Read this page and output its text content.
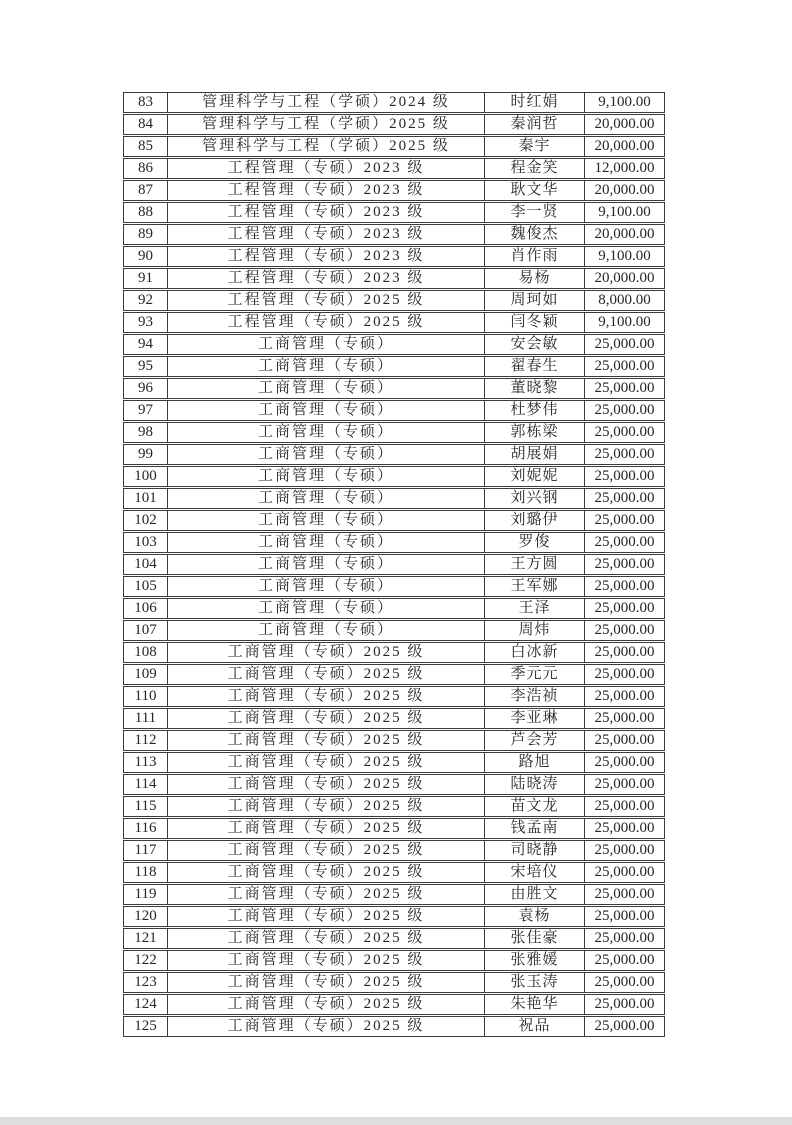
83	管理科学与工程（学硕）2024 级	时红娟	9,100.00
84	管理科学与工程（学硕）2025 级	秦润哲	20,000.00
85	管理科学与工程（学硕）2025 级	秦宇	20,000.00
86	工程管理（专硕）2023 级	程金笑	12,000.00
87	工程管理（专硕）2023 级	耿文华	20,000.00
88	工程管理（专硕）2023 级	李一贤	9,100.00
89	工程管理（专硕）2023 级	魏俊杰	20,000.00
90	工程管理（专硕）2023 级	肖作雨	9,100.00
91	工程管理（专硕）2023 级	易杨	20,000.00
92	工程管理（专硕）2025 级	周珂如	8,000.00
93	工程管理（专硕）2025 级	闫冬颖	9,100.00
94	工商管理（专硕）	安会敏	25,000.00
95	工商管理（专硕）	翟春生	25,000.00
96	工商管理（专硕）	董晓黎	25,000.00
97	工商管理（专硕）	杜梦伟	25,000.00
98	工商管理（专硕）	郭栋梁	25,000.00
99	工商管理（专硕）	胡展娟	25,000.00
100	工商管理（专硕）	刘妮妮	25,000.00
101	工商管理（专硕）	刘兴钢	25,000.00
102	工商管理（专硕）	刘璐伊	25,000.00
103	工商管理（专硕）	罗俊	25,000.00
104	工商管理（专硕）	王方圆	25,000.00
105	工商管理（专硕）	王军娜	25,000.00
106	工商管理（专硕）	王泽	25,000.00
107	工商管理（专硕）	周炜	25,000.00
108	工商管理（专硕）2025 级	白冰新	25,000.00
109	工商管理（专硕）2025 级	季元元	25,000.00
110	工商管理（专硕）2025 级	李浩祯	25,000.00
111	工商管理（专硕）2025 级	李亚琳	25,000.00
112	工商管理（专硕）2025 级	芦会芳	25,000.00
113	工商管理（专硕）2025 级	路旭	25,000.00
114	工商管理（专硕）2025 级	陆晓涛	25,000.00
115	工商管理（专硕）2025 级	苗文龙	25,000.00
116	工商管理（专硕）2025 级	钱孟南	25,000.00
117	工商管理（专硕）2025 级	司晓静	25,000.00
118	工商管理（专硕）2025 级	宋培仪	25,000.00
119	工商管理（专硕）2025 级	由胜文	25,000.00
120	工商管理（专硕）2025 级	袁杨	25,000.00
121	工商管理（专硕）2025 级	张佳豪	25,000.00
122	工商管理（专硕）2025 级	张雅媛	25,000.00
123	工商管理（专硕）2025 级	张玉涛	25,000.00
124	工商管理（专硕）2025 级	朱艳华	25,000.00
125	工商管理（专硕）2025 级	祝品	25,000.00
